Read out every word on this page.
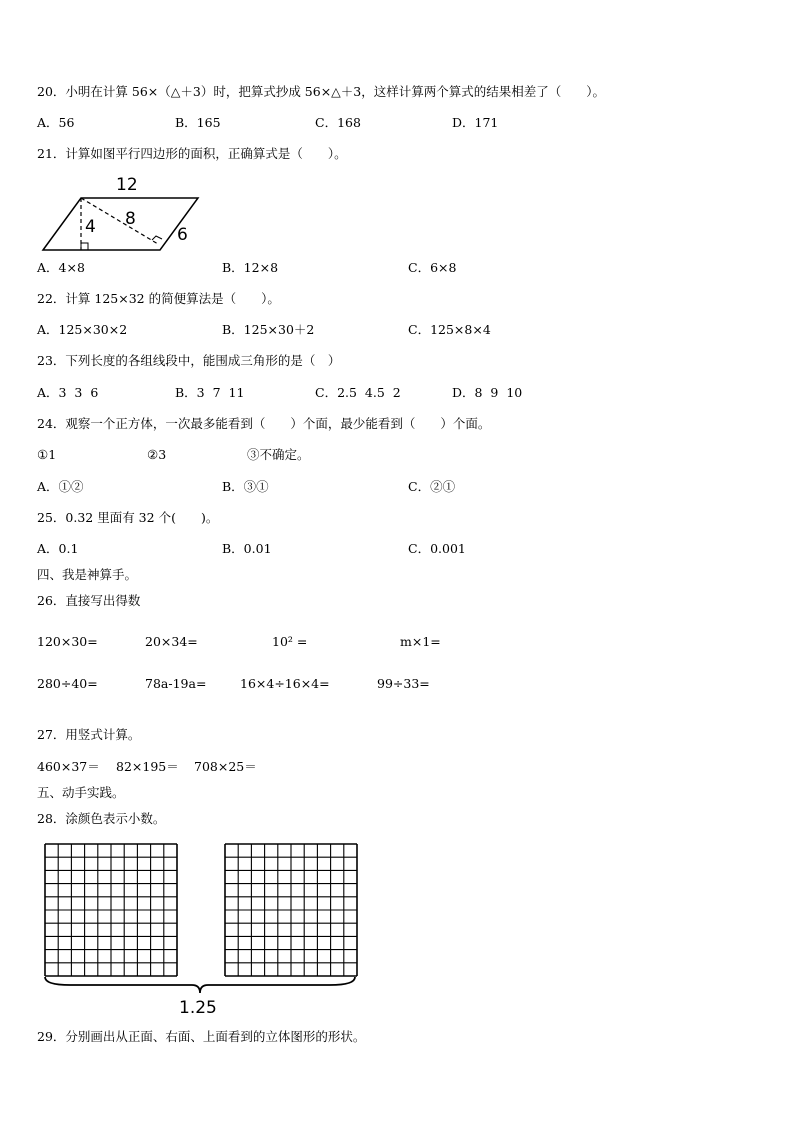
20．小明在计算 56×（△＋3）时，把算式抄成 56×△＋3，这样计算两个算式的结果相差了（　　）。
A．56	B．165	C．168	D．171
21．计算如图平行四边形的面积，正确算式是（　　）。
12
4 8
6
A．4×8	B．12×8	C．6×8
22．计算 125×32 的简便算法是（　　）。
A．125×30×2	B．125×30＋2	C．125×8×4
23．下列长度的各组线段中，能围成三角形的是（　）
A．3  3  6	B．3  7  11	C．2.5  4.5  2	D．8  9  10
24．观察一个正方体，一次最多能看到（　　）个面，最少能看到（　　）个面。
①1	②3	③不确定。
A．①②	B．③①	C．②①
25．0.32 里面有 32 个(　　)。
A．0.1	B．0.01	C．0.001
四、我是神算手。
26．直接写出得数
120×30=	20×34=	10² =	m×1=
280÷40=	78a-19a=	16×4÷16×4=	99÷33=
27．用竖式计算。
460×37＝ 82×195＝ 708×25＝
五、动手实践。
28．涂颜色表示小数。
1.25
29．分别画出从正面、右面、上面看到的立体图形的形状。
